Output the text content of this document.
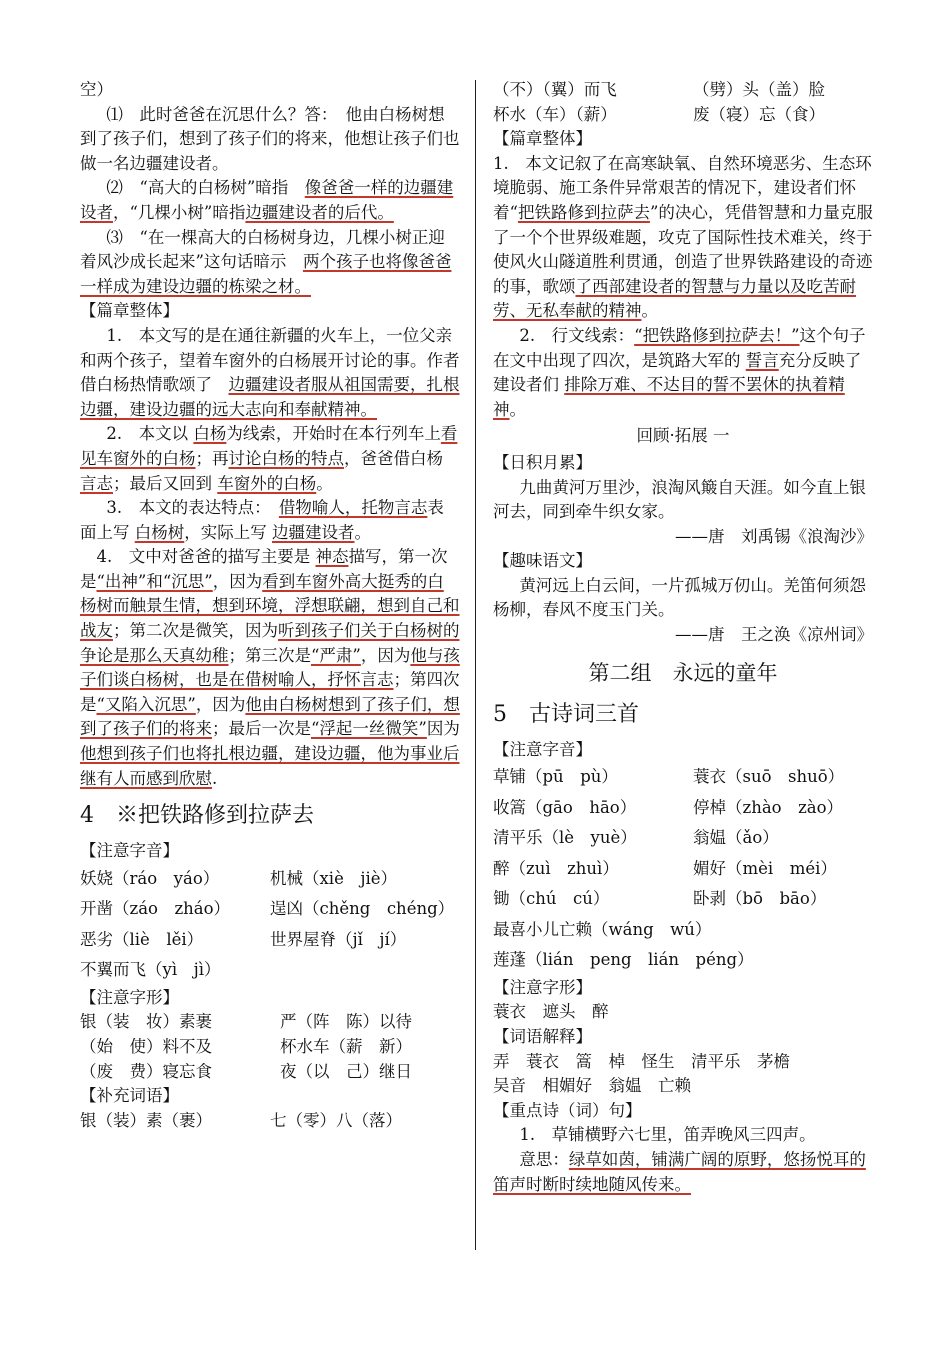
空）

⑴　 此时爸爸在沉思什么？答：　 他由白杨树想到了孩子们，想到了孩子们的将来，他想让孩子们也做一名边疆建设者。

⑵　 “高大的白杨树”暗指　 像爸爸一样的边疆建设者，“几棵小树”暗指边疆建设者的后代。

⑶　 “在一棵高大的白杨树身边，几棵小树正迎着风沙成长起来”这句话暗示　 两个孩子也将像爸爸一样成为建设边疆的栋梁之材。

【篇章整体】

1.　 本文写的是在通往新疆的火车上，一位父亲和两个孩子，望着车窗外的白杨展开讨论的事。作者借白杨热情歌颂了　 边疆建设者服从祖国需要，扎根边疆，建设边疆的远大志向和奉献精神。

2.　 本文以 白杨为线索，开始时在本行列车上看见车窗外的白杨；再讨论白杨的特点，爸爸借白杨 言志；最后又回到 车窗外的白杨。

3.　 本文的表达特点：　 借物喻人，托物言志表面上写 白杨树，实际上写 边疆建设者。

4.　 文中对爸爸的描写主要是 神态描写，第一次是“出神”和“沉思”，因为看到车窗外高大挺秀的白杨树而触景生情，想到环境，浮想联翩，想到自己和战友；第二次是微笑，因为听到孩子们关于白杨树的争论是那么天真幼稚；第三次是“严肃”，因为他与孩子们谈白杨树，也是在借树喻人，抒怀言志；第四次是“又陷入沉思”，因为他由白杨树想到了孩子们，想到了孩子们的将来；最后一次是“浮起一丝微笑”因为他想到孩子们也将扎根边疆，建设边疆，他为事业后继有人而感到欣慰.

4　※把铁路修到拉萨去

【注意字音】

妖娆（ráo　yáo）	机械（xiè　jiè）
开凿（záo　zháo）	逞凶（chěng　chéng）
恶劣（liè　lěi）	世界屋脊（jǐ　jí）
不翼而飞（yì　jì）

【注意字形】

银（装　妆）素裹	严（阵　陈）以待
（始　使）料不及	杯水车（薪　新）
（废　费）寝忘食	夜（以　己）继日

【补充词语】

银（装）素（裹）	七（零）八（落）
（不）（翼）而飞	（劈）头（盖）脸
杯水（车）（薪）	废（寝）忘（食）

【篇章整体】

1.　 本文记叙了在高寒缺氧、自然环境恶劣、生态环境脆弱、施工条件异常艰苦的情况下，建设者们怀着“把铁路修到拉萨去”的决心，凭借智慧和力量克服了一个个世界级难题，攻克了国际性技术难关，终于使风火山隧道胜利贯通，创造了世界铁路建设的奇迹的事，歌颂了西部建设者的智慧与力量以及吃苦耐劳、无私奉献的精神。

2.　 行文线索：“把铁路修到拉萨去！”这个句子在文中出现了四次，是筑路大军的 誓言充分反映了建设者们 排除万难、不达目的誓不罢休的执着精神。

回顾·拓展 一

【日积月累】

九曲黄河万里沙，浪淘风簸自天涯。如今直上银河去，同到牵牛织女家。

——唐　刘禹锡《浪淘沙》

【趣味语文】

黄河远上白云间，一片孤城万仞山。羌笛何须怨杨柳，春风不度玉门关。

——唐　王之涣《凉州词》

第二组　永远的童年

5　古诗词三首

【注意字音】

草铺（pū　pù）	蓑衣（suō　shuō）
收篙（gāo　hāo）	停棹（zhào　zào）
清平乐（lè　yuè）	翁媪（ǎo）
醉（zuì　zhuì）	媚好（mèi　méi）
锄（chú　cú）	卧剥（bō　bāo）
最喜小儿亡赖（wáng　wú）
莲蓬（lián　peng　lián　péng）

【注意字形】

蓑衣　遮头　醉

【词语解释】

弄　蓑衣　篙　棹　怪生　清平乐　茅檐

吴音　相媚好　翁媪　亡赖

【重点诗（词）句】

1.　 草铺横野六七里，笛弄晚风三四声。

意思：绿草如茵，铺满广阔的原野，悠扬悦耳的笛声时断时续地随风传来。
